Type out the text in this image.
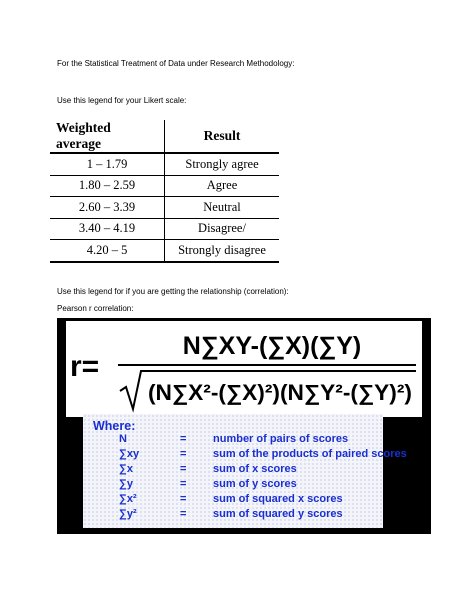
For the Statistical Treatment of Data under Research Methodology:
Use this legend for your Likert scale:
Weighted average	Result
1 – 1.79	Strongly agree
1.80 – 2.59	Agree
2.60 – 3.39	Neutral
3.40 – 4.19	Disagree/
4.20 – 5	Strongly disagree
Use this legend for if you are getting the relationship (correlation):
Pearson r correlation:
r=
N∑XY-(∑X)(∑Y)
(N∑X²-(∑X)²)(N∑Y²-(∑Y)²)
Where:
N	= number of pairs of scores
∑xy	= sum of the products of paired scores
∑x	= sum of x scores
∑y	= sum of y scores
∑x²	= sum of squared x scores
∑y²	= sum of squared y scores
